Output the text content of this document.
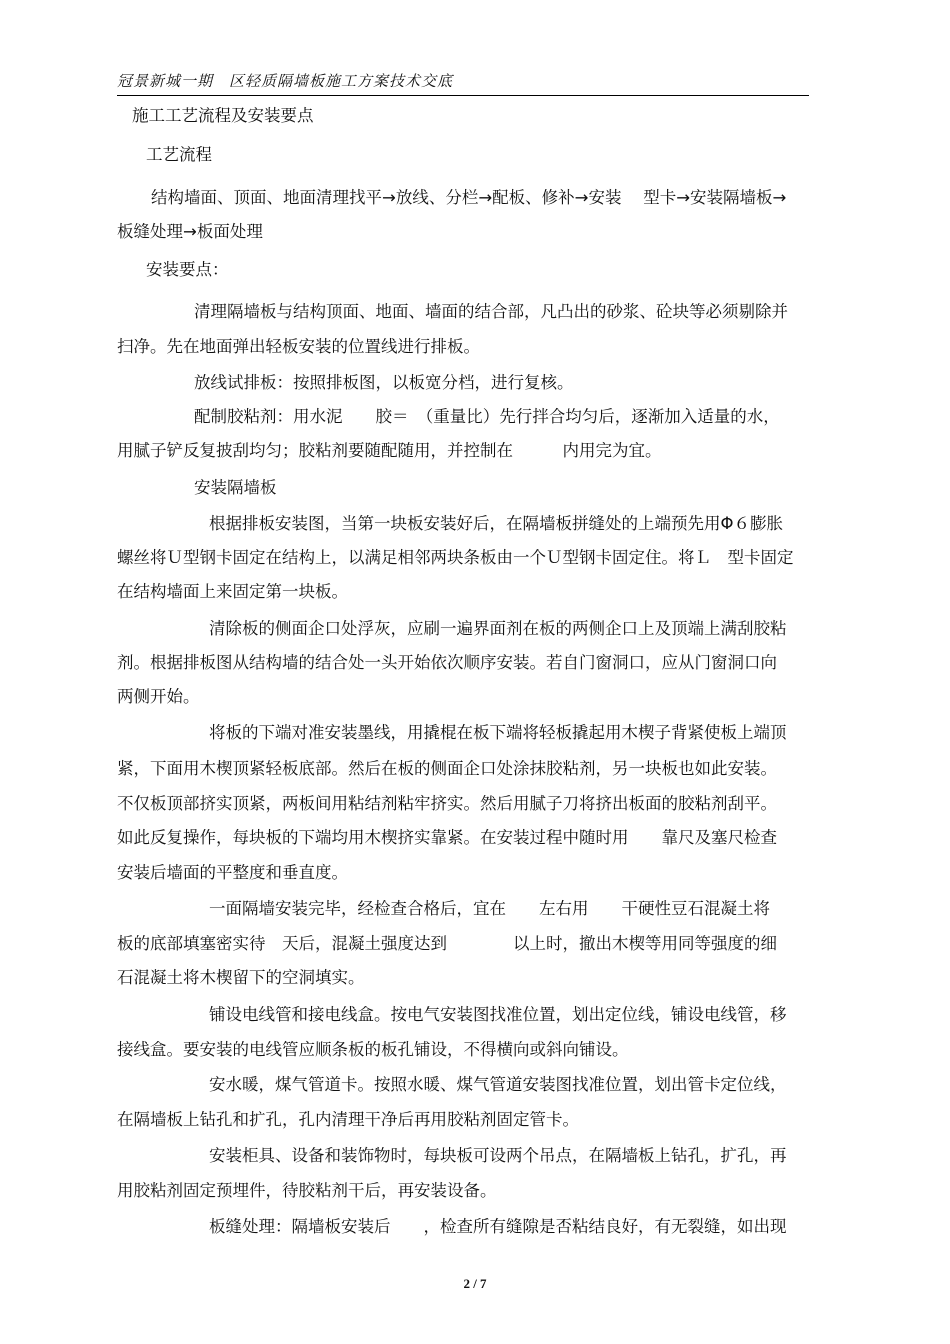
冠景新城一期　区轻质隔墙板施工方案技术交底
施工工艺流程及安装要点
工艺流程
结构墙面、顶面、地面清理找平→放线、分栏→配板、修补→安装　 型卡→安装隔墙板→
板缝处理→板面处理
安装要点：
清理隔墙板与结构顶面、地面、墙面的结合部，凡凸出的砂浆、砼块等必须剔除并
扫净。先在地面弹出轻板安装的位置线进行排板。
放线试排板：按照排板图，以板宽分档，进行复核。
配制胶粘剂：用水泥　　胶＝　（重量比）先行拌合均匀后，逐渐加入适量的水，
用腻子铲反复披刮均匀；胶粘剂要随配随用，并控制在　　　内用完为宜。
安装隔墙板
根据排板安装图，当第一块板安装好后，在隔墙板拼缝处的上端预先用Φ６膨胀
螺丝将Ｕ型钢卡固定在结构上，以满足相邻两块条板由一个Ｕ型钢卡固定住。将Ｌ　型卡固定
在结构墙面上来固定第一块板。
清除板的侧面企口处浮灰，应刷一遍界面剂在板的两侧企口上及顶端上满刮胶粘
剂。根据排板图从结构墙的结合处一头开始依次顺序安装。若自门窗洞口，应从门窗洞口向
两侧开始。
将板的下端对准安装墨线，用撬棍在板下端将轻板撬起用木楔子背紧使板上端顶
紧，下面用木楔顶紧轻板底部。然后在板的侧面企口处涂抹胶粘剂，另一块板也如此安装。
不仅板顶部挤实顶紧，两板间用粘结剂粘牢挤实。然后用腻子刀将挤出板面的胶粘剂刮平。
如此反复操作，每块板的下端均用木楔挤实靠紧。在安装过程中随时用　　靠尺及塞尺检查
安装后墙面的平整度和垂直度。
一面隔墙安装完毕，经检查合格后，宜在　　左右用　　干硬性豆石混凝土将
板的底部填塞密实待　天后，混凝土强度达到　　　　以上时，撤出木楔等用同等强度的细
石混凝土将木楔留下的空洞填实。
铺设电线管和接电线盒。按电气安装图找准位置，划出定位线，铺设电线管，移
接线盒。要安装的电线管应顺条板的板孔铺设，不得横向或斜向铺设。
安水暖，煤气管道卡。按照水暖、煤气管道安装图找准位置，划出管卡定位线，
在隔墙板上钻孔和扩孔，孔内清理干净后再用胶粘剂固定管卡。
安装柜具、设备和装饰物时，每块板可设两个吊点，在隔墙板上钻孔，扩孔，再
用胶粘剂固定预埋件，待胶粘剂干后，再安装设备。
板缝处理：隔墙板安装后　　，检查所有缝隙是否粘结良好，有无裂缝，如出现
2 / 7
